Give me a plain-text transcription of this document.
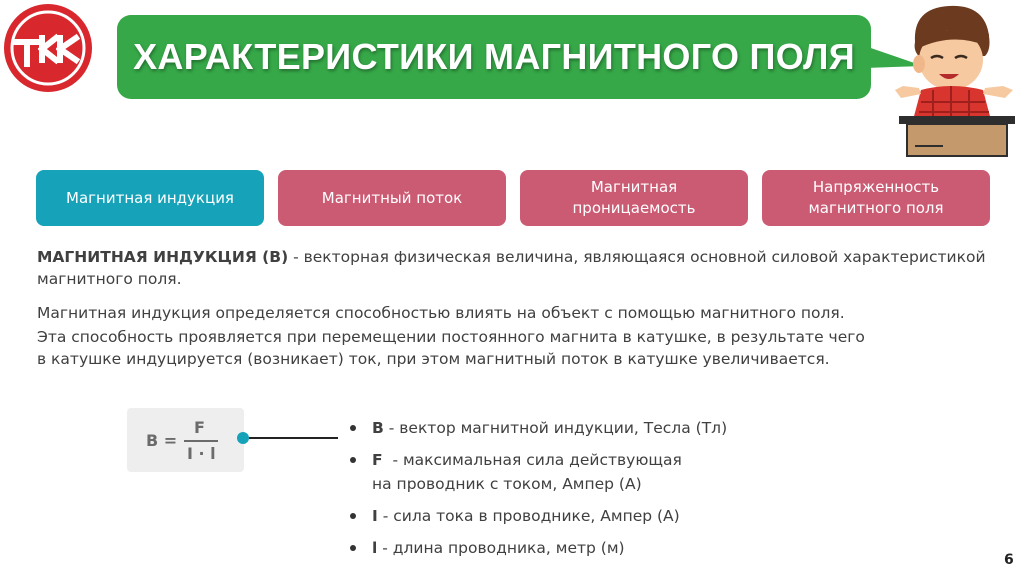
ХАРАКТЕРИСТИКИ МАГНИТНОГО ПОЛЯ
Магнитная индукция	Магнитный поток
Магнитная
проницаемость
Напряженность
магнитного поля
МАГНИТНАЯ ИНДУКЦИЯ (В) - векторная физическая величина, являющаяся основной силовой характеристикой
магнитного поля.
Магнитная индукция определяется способностью влиять на объект с помощью магнитного поля.
Эта способность проявляется при перемещении постоянного магнита в катушке, в результате чего
в катушке индуцируется (возникает) ток, при этом магнитный поток в катушке увеличивается.
B =
F
I · l
B - вектор магнитной индукции, Тесла (Тл)
F  - максимальная сила действующая
на проводник с током, Ампер (А)
I - сила тока в проводнике, Ампер (А)
l - длина проводника, метр (м)
6
